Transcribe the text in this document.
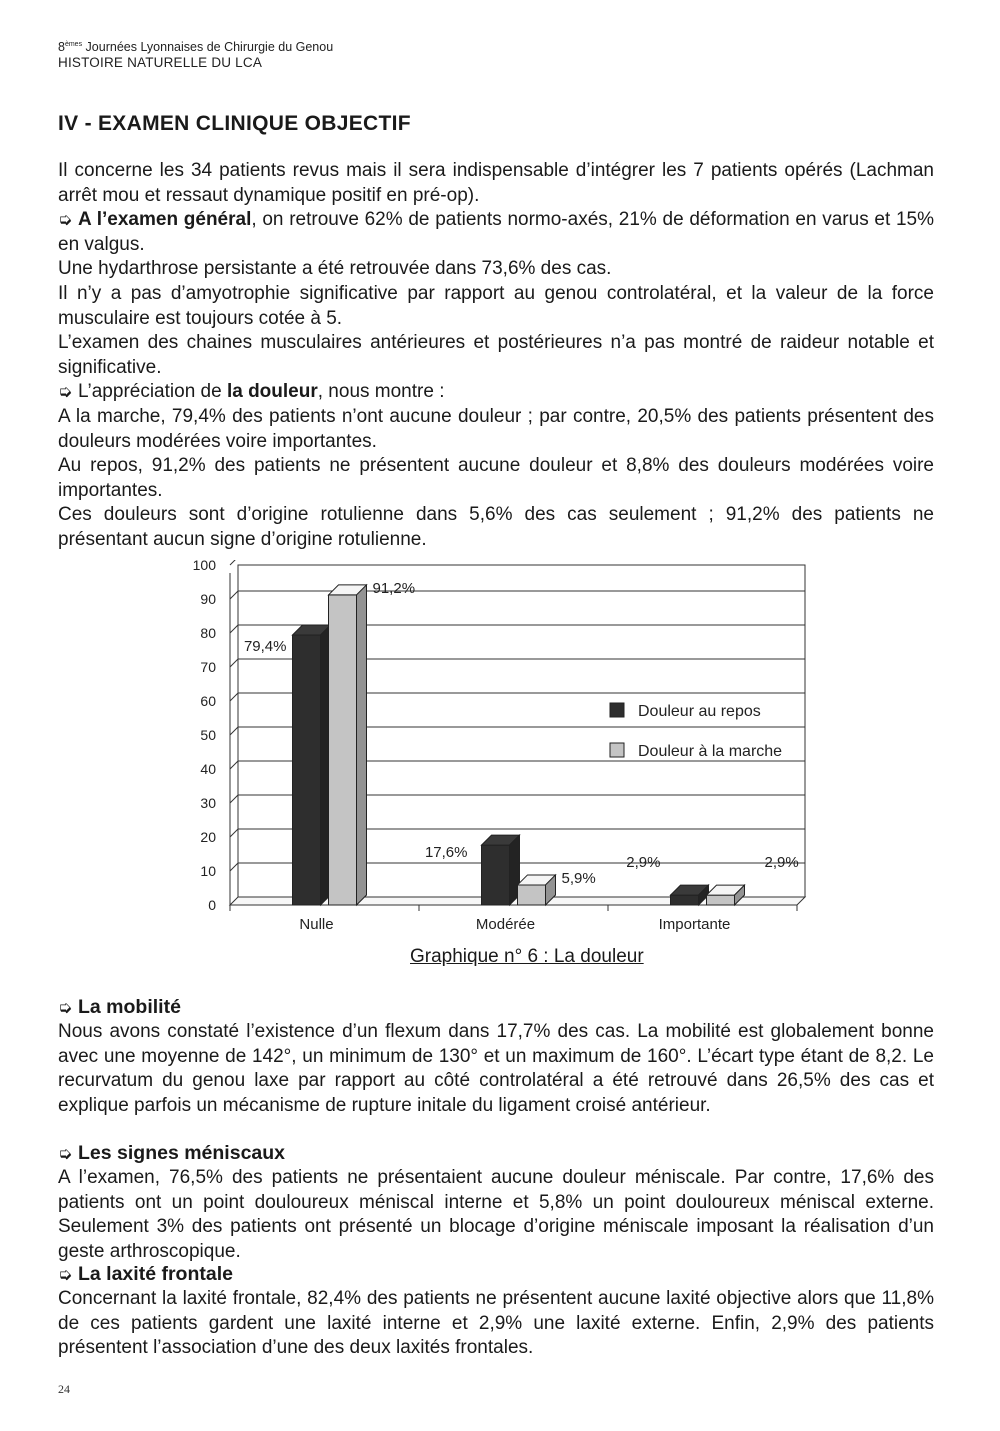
8èmes Journées Lyonnaises de Chirurgie du Genou
HISTOIRE NATURELLE DU LCA
IV - EXAMEN CLINIQUE OBJECTIF

Il concerne les 34 patients revus mais il sera indispensable d’intégrer les 7 patients opérés (Lachman arrêt mou et ressaut dynamique positif en pré-op).

➭ A l’examen général, on retrouve 62% de patients normo-axés, 21% de déformation en varus et 15% en valgus.

Une hydarthrose persistante a été retrouvée dans 73,6% des cas.

Il n’y a pas d’amyotrophie significative par rapport au genou controlatéral, et la valeur de la force musculaire est toujours cotée à 5.

L’examen des chaines musculaires antérieures et postérieures n’a pas montré de raideur notable et significative.

➭ L’appréciation de la douleur, nous montre :

A la marche, 79,4% des patients n’ont aucune douleur ; par contre, 20,5% des patients présentent des douleurs modérées voire importantes.

Au repos, 91,2% des patients ne présentent aucune douleur et 8,8% des douleurs modérées voire importantes.

Ces douleurs sont d’origine rotulienne dans 5,6% des cas seulement ; 91,2% des patients ne présentant aucun signe d’origine rotulienne.

0
10
20
30
40
50
60
70
80
90
100
79,4%
91,2%
Nulle
17,6%
5,9%
Modérée
2,9%	2,9%
Importante
Douleur au repos
Douleur à la marche

Graphique n° 6 : La douleur

➭ La mobilité

Nous avons constaté l’existence d’un flexum dans 17,7% des cas. La mobilité est globalement bonne avec une moyenne de 142°, un minimum de 130° et un maximum de 160°. L’écart type étant de 8,2. Le recurvatum du genou laxe par rapport au côté controlatéral a été retrouvé dans 26,5% des cas et explique parfois un mécanisme de rupture initale du ligament croisé antérieur.

➭ Les signes méniscaux

A l’examen, 76,5% des patients ne présentaient aucune douleur méniscale. Par contre, 17,6% des patients ont un point douloureux méniscal interne et 5,8% un point douloureux méniscal externe. Seulement 3% des patients ont présenté un blocage d’origine méniscale imposant la réalisation d’un geste arthroscopique.

➭ La laxité frontale

Concernant la laxité frontale, 82,4% des patients ne présentent aucune laxité objective alors que 11,8% de ces patients gardent une laxité interne et 2,9% une laxité externe. Enfin, 2,9% des patients présentent l’association d’une des deux laxités frontales.

24
